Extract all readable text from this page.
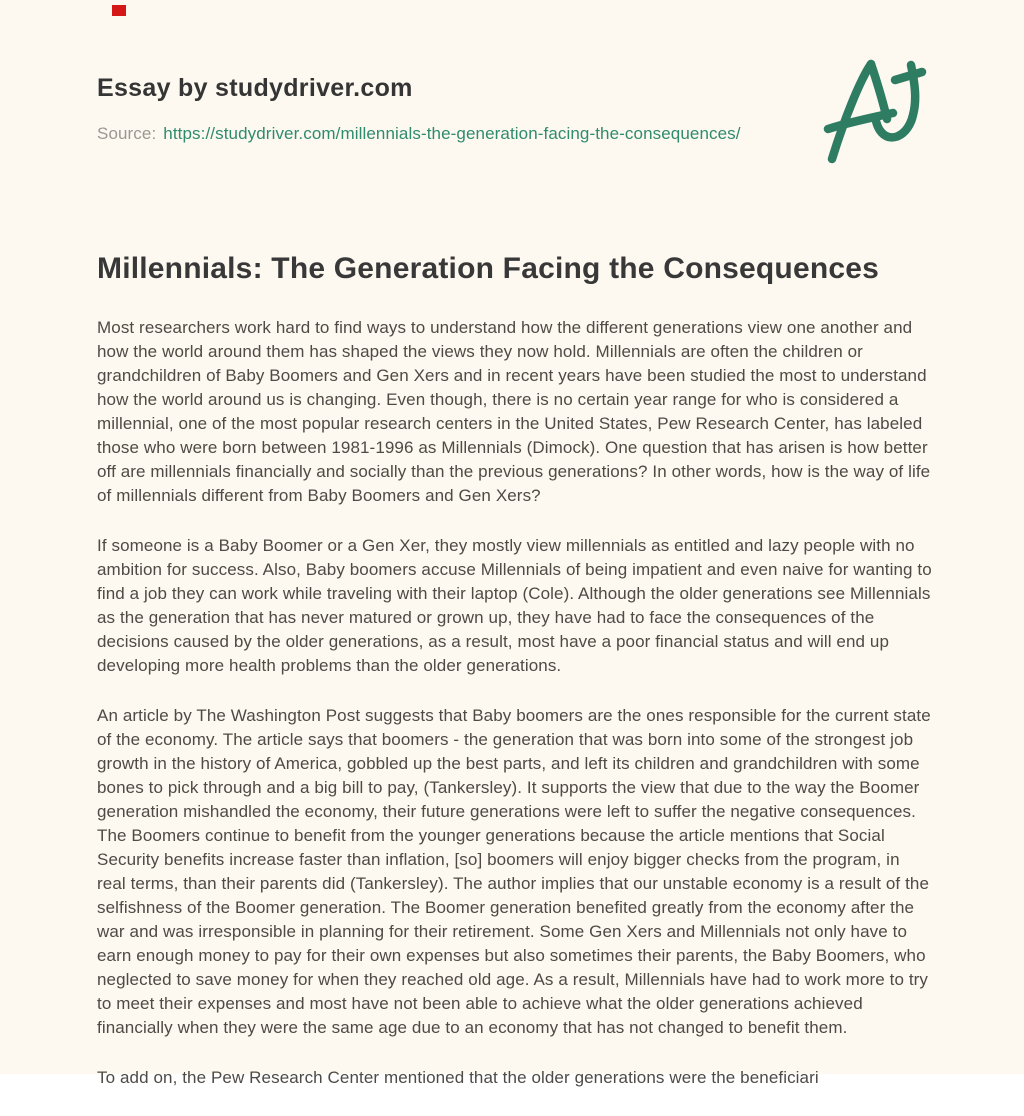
Essay by studydriver.com
Source: https://studydriver.com/millennials-the-generation-facing-the-consequences/
Millennials: The Generation Facing the Consequences

Most researchers work hard to find ways to understand how the different generations view one another and how the world around them has shaped the views they now hold. Millennials are often the children or grandchildren of Baby Boomers and Gen Xers and in recent years have been studied the most to understand how the world around us is changing. Even though, there is no certain year range for who is considered a millennial, one of the most popular research centers in the United States, Pew Research Center, has labeled those who were born between 1981-1996 as Millennials (Dimock). One question that has arisen is how better off are millennials financially and socially than the previous generations? In other words, how is the way of life of millennials different from Baby Boomers and Gen Xers?

If someone is a Baby Boomer or a Gen Xer, they mostly view millennials as entitled and lazy people with no ambition for success. Also, Baby boomers accuse Millennials of being impatient and even naive for wanting to find a job they can work while traveling with their laptop (Cole). Although the older generations see Millennials as the generation that has never matured or grown up, they have had to face the consequences of the decisions caused by the older generations, as a result, most have a poor financial status and will end up developing more health problems than the older generations.

An article by The Washington Post suggests that Baby boomers are the ones responsible for the current state of the economy. The article says that boomers - the generation that was born into some of the strongest job growth in the history of America, gobbled up the best parts, and left its children and grandchildren with some bones to pick through and a big bill to pay, (Tankersley). It supports the view that due to the way the Boomer generation mishandled the economy, their future generations were left to suffer the negative consequences. The Boomers continue to benefit from the younger generations because the article mentions that Social Security benefits increase faster than inflation, [so] boomers will enjoy bigger checks from the program, in real terms, than their parents did (Tankersley). The author implies that our unstable economy is a result of the selfishness of the Boomer generation. The Boomer generation benefited greatly from the economy after the war and was irresponsible in planning for their retirement. Some Gen Xers and Millennials not only have to earn enough money to pay for their own expenses but also sometimes their parents, the Baby Boomers, who neglected to save money for when they reached old age. As a result, Millennials have had to work more to try to meet their expenses and most have not been able to achieve what the older generations achieved financially when they were the same age due to an economy that has not changed to benefit them.

To add on, the Pew Research Center mentioned that the older generations were the beneficiari
